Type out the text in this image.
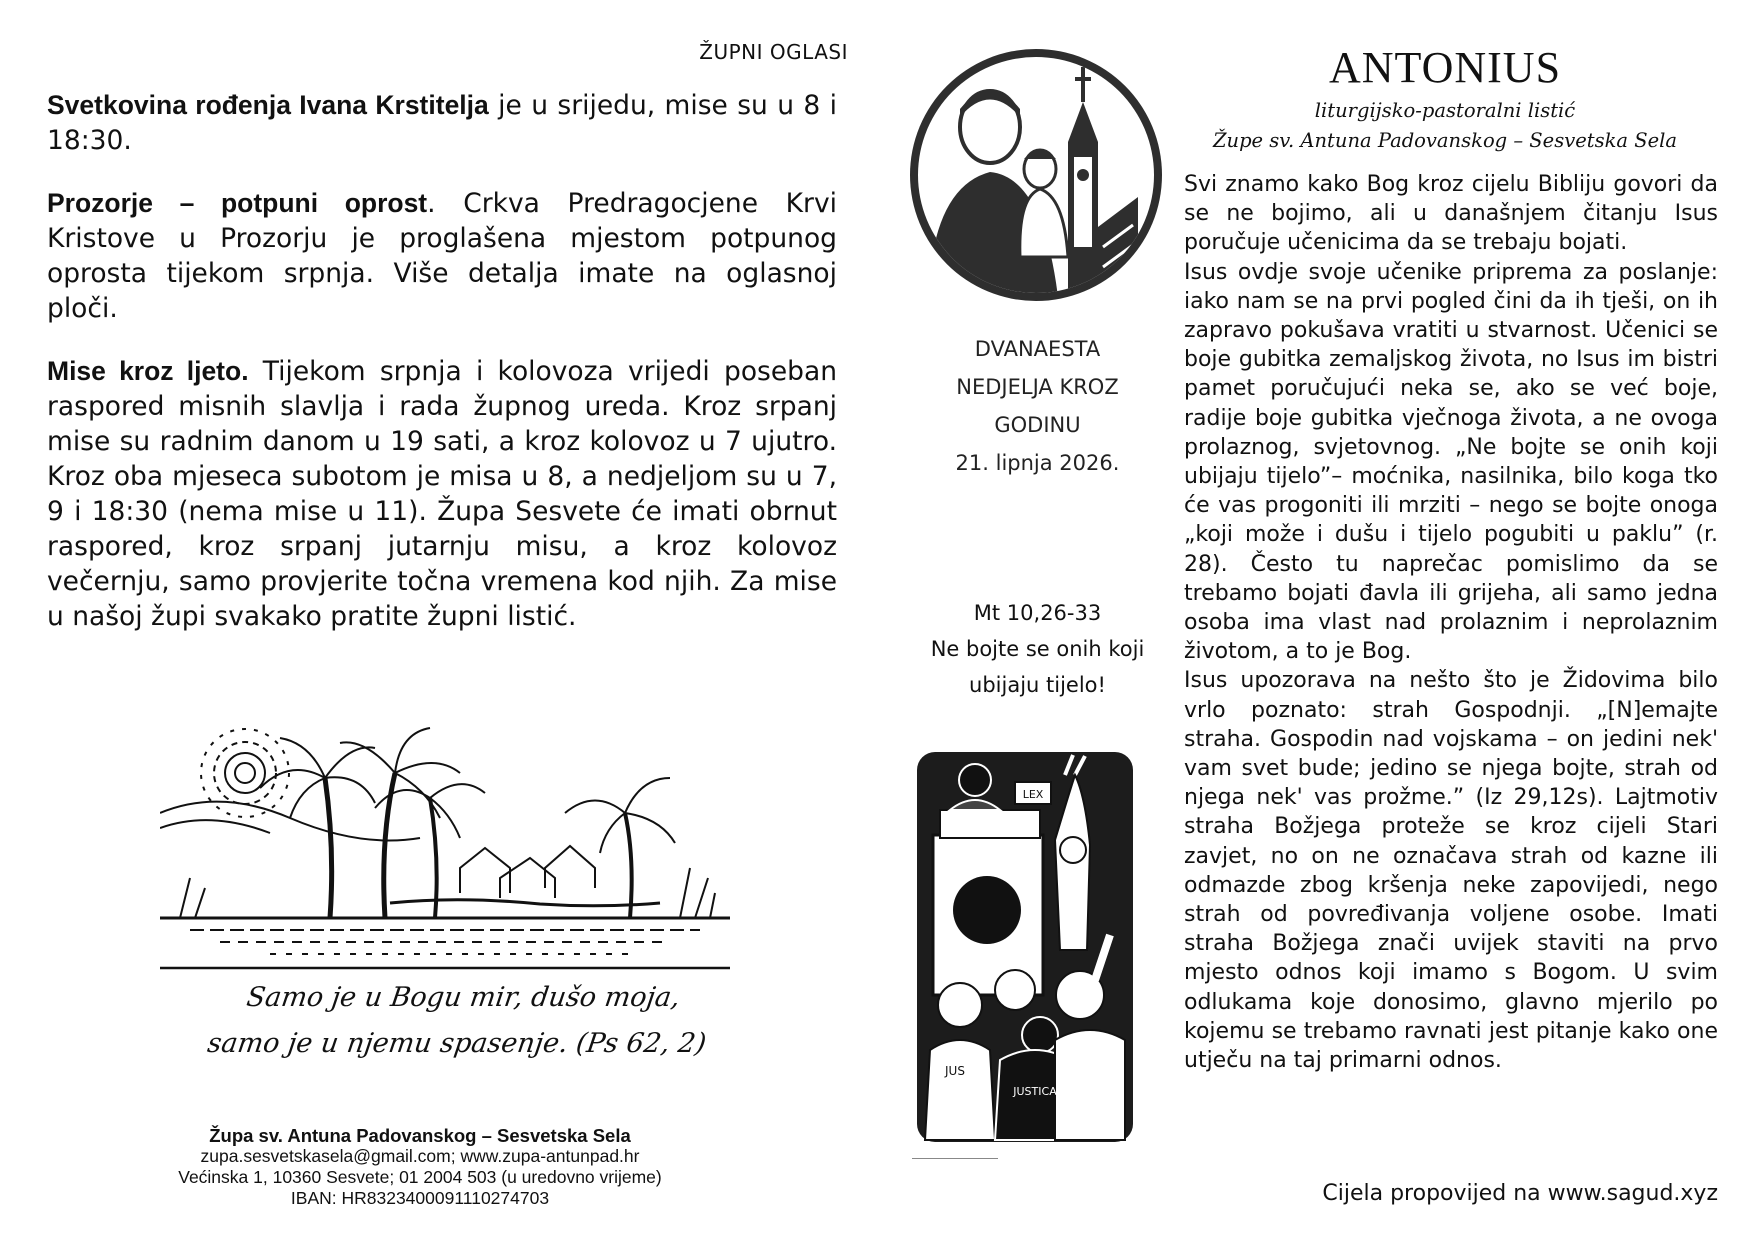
ŽUPNI OGLASI

Svetkovina rođenja Ivana Krstitelja je u srijedu, mise su u 8 i 18:30.

Prozorje – potpuni oprost. Crkva Predragocjene Krvi Kristove u Prozorju je proglašena mjestom potpunog oprosta tijekom srpnja. Više detalja imate na oglasnoj ploči.

Mise kroz ljeto. Tijekom srpnja i kolovoza vrijedi poseban raspored misnih slavlja i rada župnog ureda. Kroz srpanj mise su radnim danom u 19 sati, a kroz kolovoz u 7 ujutro. Kroz oba mjeseca subotom je misa u 8, a nedjeljom su u 7, 9 i 18:30 (nema mise u 11). Župa Sesvete će imati obrnut raspored, kroz srpanj jutarnju misu, a kroz kolovoz večernju, samo provjerite točna vremena kod njih. Za mise u našoj župi svakako pratite župni listić.

Samo je u Bogu mir, dušo moja,
samo je u njemu spasenje. (Ps 62, 2)
Župa sv. Antuna Padovanskog – Sesvetska Sela
zupa.sesvetskasela@gmail.com; www.zupa-antunpad.hr
Većinska 1, 10360 Sesvete; 01 2004 503 (u uredovno vrijeme)
IBAN: HR8323400091110274703
DVANAESTA
NEDJELJA KROZ
GODINU
21. lipnja 2026.
Mt 10,26-33
Ne bojte se onih koji
ubijaju tijelo!
LEX
JUS
JUSTICA
ANTONIUS
liturgijsko-pastoralni listić
Župe sv. Antuna Padovanskog – Sesvetska Sela

Svi znamo kako Bog kroz cijelu Bibliju govori da se ne bojimo, ali u današnjem čitanju Isus poručuje učenicima da se trebaju bojati.

Isus ovdje svoje učenike priprema za poslanje: iako nam se na prvi pogled čini da ih tješi, on ih zapravo pokušava vratiti u stvarnost. Učenici se boje gubitka zemaljskog života, no Isus im bistri pamet poručujući neka se, ako se već boje, radije boje gubitka vječnoga života, a ne ovoga prolaznog, svjetovnog. „Ne bojte se onih koji ubijaju tijelo”– moćnika, nasilnika, bilo koga tko će vas progoniti ili mrziti – nego se bojte onoga „koji može i dušu i tijelo pogubiti u paklu” (r. 28). Često tu naprečac pomislimo da se trebamo bojati đavla ili grijeha, ali samo jedna osoba ima vlast nad prolaznim i neprolaznim životom, a to je Bog.

Isus upozorava na nešto što je Židovima bilo vrlo poznato: strah Gospodnji. „[N]emajte straha. Gospodin nad vojskama – on jedini nek' vam svet bude; jedino se njega bojte, strah od njega nek' vas prožme.” (Iz 29,12s). Lajtmotiv straha Božjega proteže se kroz cijeli Stari zavjet, no on ne označava strah od kazne ili odmazde zbog kršenja neke zapovijedi, nego strah od povređivanja voljene osobe. Imati straha Božjega znači uvijek staviti na prvo mjesto odnos koji imamo s Bogom. U svim odlukama koje donosimo, glavno mjerilo po kojemu se trebamo ravnati jest pitanje kako one utječu na taj primarni odnos.

Cijela propovijed na www.sagud.xyz
